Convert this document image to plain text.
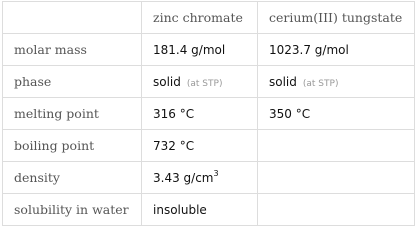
	zinc chromate	cerium(III) tungstate
molar mass	181.4 g/mol	1023.7 g/mol
phase	solid (at STP)	solid (at STP)
melting point	316 °C	350 °C
boiling point	732 °C	
density	3.43 $g/cm^3$	
solubility in water	insoluble	
